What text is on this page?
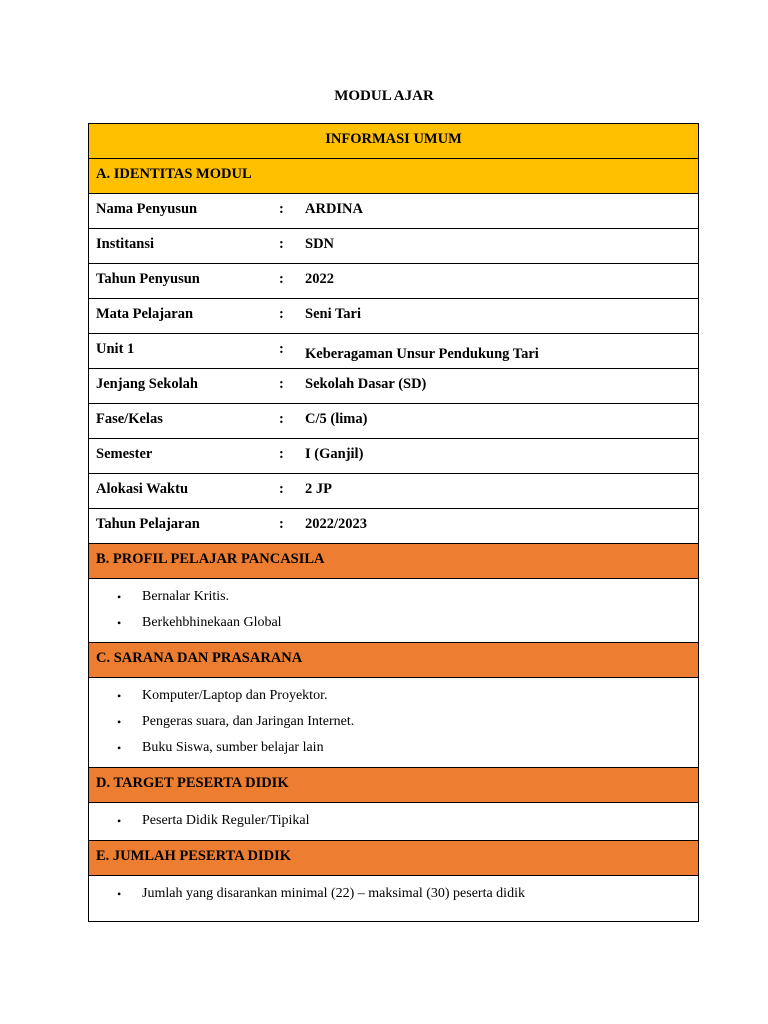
MODUL AJAR
INFORMASI UMUM

A. IDENTITAS MODUL

Nama Penyusun	:	ARDINA

Institansi	:	SDN

Tahun Penyusun	:	2022

Mata Pelajaran	:	Seni Tari

Unit 1	:	Keberagaman Unsur Pendukung Tari

Jenjang Sekolah	:	Sekolah Dasar (SD)

Fase/Kelas	:	C/5 (lima)

Semester	:	I (Ganjil)

Alokasi Waktu	:	2 JP

Tahun Pelajaran	:	2022/2023

B. PROFIL PELAJAR PANCASILA

• Bernalar Kritis.
• Berkehbhinekaan Global

C. SARANA DAN PRASARANA

• Komputer/Laptop dan Proyektor.
• Pengeras suara, dan Jaringan Internet.
• Buku Siswa, sumber belajar lain

D. TARGET PESERTA DIDIK

• Peserta Didik Reguler/Tipikal

E. JUMLAH PESERTA DIDIK

• Jumlah yang disarankan minimal (22) – maksimal (30) peserta didik
